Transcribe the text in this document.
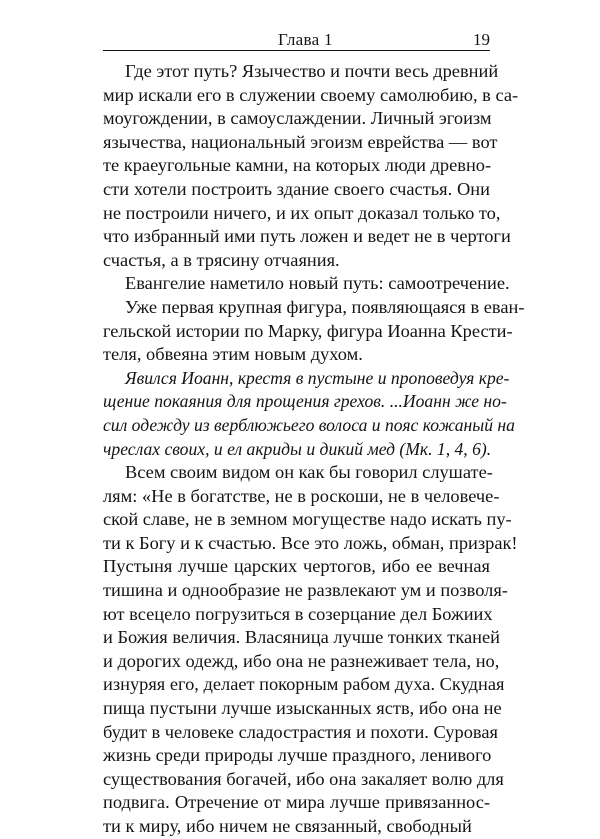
Глава 1	19
Где этот путь? Язычество и почти весь древний
мир искали его в служении своему самолюбию, в са-
моугождении, в самоуслаждении. Личный эгоизм
язычества, национальный эгоизм еврейства — вот
те краеугольные камни, на которых люди древно-
сти хотели построить здание своего счастья. Они
не построили ничего, и их опыт доказал только то,
что избранный ими путь ложен и ведет не в чертоги
счастья, а в трясину отчаяния.
Евангелие наметило новый путь: самоотречение.
Уже первая крупная фигура, появляющаяся в еван-
гельской истории по Марку, фигура Иоанна Крести-
теля, обвеяна этим новым духом.
Явился Иоанн, крестя в пустыне и проповедуя кре-
щение покаяния для прощения грехов. ...Иоанн же но-
сил одежду из верблюжьего волоса и пояс кожаный на
чреслах своих, и ел акриды и дикий мед (Мк. 1, 4, 6).
Всем своим видом он как бы говорил слушате-
лям: «Не в богатстве, не в роскоши, не в человече-
ской славе, не в земном могуществе надо искать пу-
ти к Богу и к счастью. Все это ложь, обман, призрак!
Пустыня лучше царских чертогов, ибо ее вечная
тишина и однообразие не развлекают ум и позволя-
ют всецело погрузиться в созерцание дел Божиих
и Божия величия. Власяница лучше тонких тканей
и дорогих одежд, ибо она не разнеживает тела, но,
изнуряя его, делает покорным рабом духа. Скудная
пища пустыни лучше изысканных яств, ибо она не
будит в человеке сладострастия и похоти. Суровая
жизнь среди природы лучше праздного, ленивого
существования богачей, ибо она закаляет волю для
подвига. Отречение от мира лучше привязаннос-
ти к миру, ибо ничем не связанный, свободный
